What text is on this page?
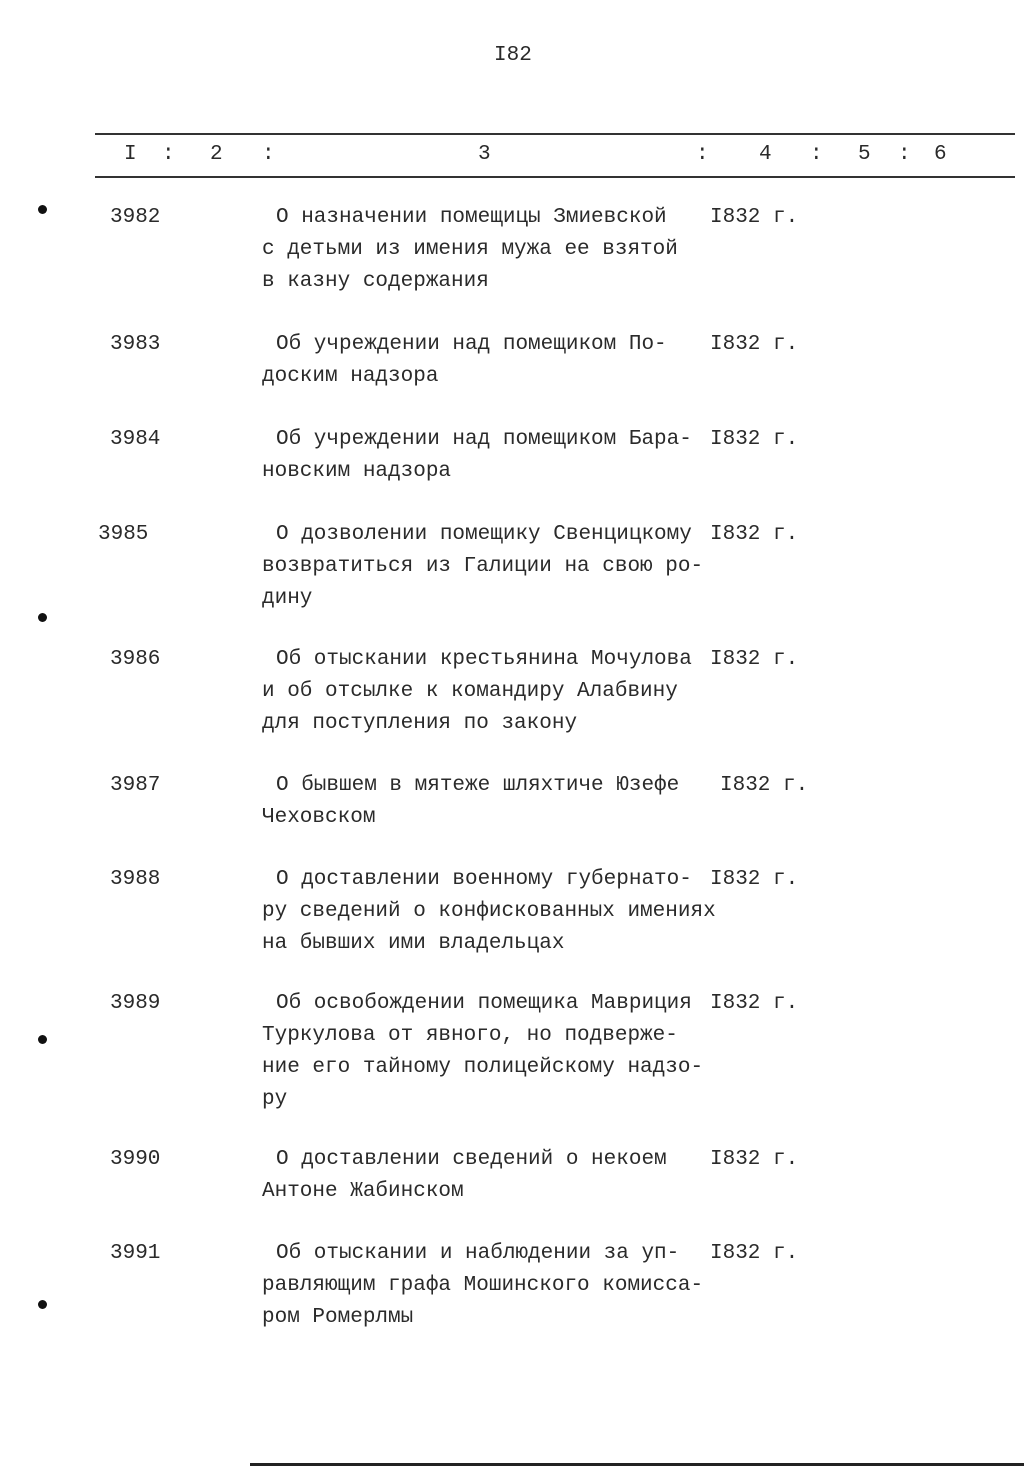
I82
I : 2 :	3	: 4 : 5 : 6
3982	О назначении помещицы Змиевской
с детьми из имения мужа ее взятой
в казну содержания
I832 г.
3983	Об учреждении над помещиком По-
доским надзора
I832 г.
3984	Об учреждении над помещиком Бара-
новским надзора
I832 г.
3985	О дозволении помещику Свенцицкому
возвратиться из Галиции на свою ро-
дину
I832 г.
3986	Об отыскании крестьянина Мочулова
и об отсылке к командиру Алабвину
для поступления по закону
I832 г.
3987	О бывшем в мятеже шляхтиче Юзефе
Чеховском
I832 г.
3988	О доставлении военному губернато-
ру сведений о конфискованных имениях
на бывших ими владельцах
I832 г.
3989	Об освобождении помещика Мавриция
Туркулова от явного, но подверже-
ние его тайному полицейскому надзо-
ру
I832 г.
3990	О доставлении сведений о некоем
Антоне Жабинском
I832 г.
3991	Об отыскании и наблюдении за уп-
равляющим графа Мошинского комисса-
ром Ромерлмы
I832 г.
